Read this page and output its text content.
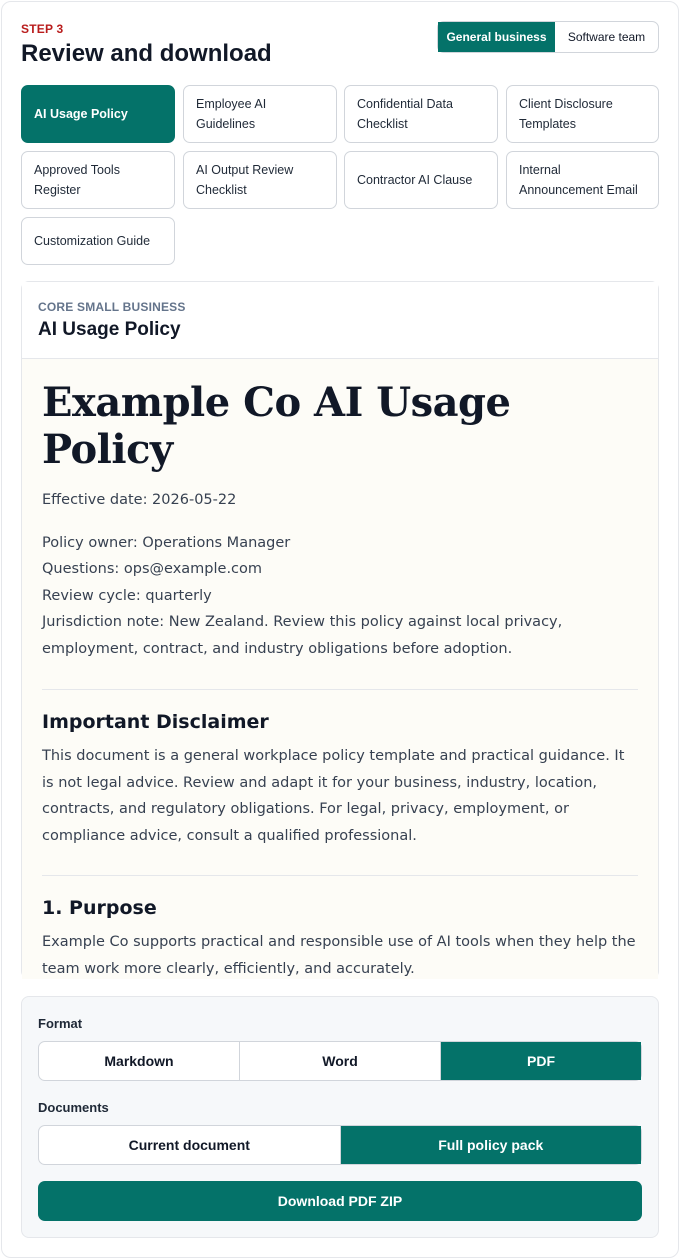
STEP 3
Review and download
General business	Software team
AI Usage Policy
Employee AI Guidelines
Confidential Data Checklist
Client Disclosure Templates
Approved Tools Register
AI Output Review Checklist
Contractor AI Clause
Internal Announcement Email
Customization Guide
CORE SMALL BUSINESS
AI Usage Policy
Example Co AI Usage Policy
Effective date: 2026-05-22
Policy owner: Operations Manager
Questions: ops@example.com
Review cycle: quarterly
Jurisdiction note: New Zealand. Review this policy against local privacy, employment, contract, and industry obligations before adoption.
Important Disclaimer
This document is a general workplace policy template and practical guidance. It is not legal advice. Review and adapt it for your business, industry, location, contracts, and regulatory obligations. For legal, privacy, employment, or compliance advice, consult a qualified professional.
1. Purpose
Example Co supports practical and responsible use of AI tools when they help the team work more clearly, efficiently, and accurately.
Format
Markdown	Word	PDF
Documents
Current document	Full policy pack
Download PDF ZIP
